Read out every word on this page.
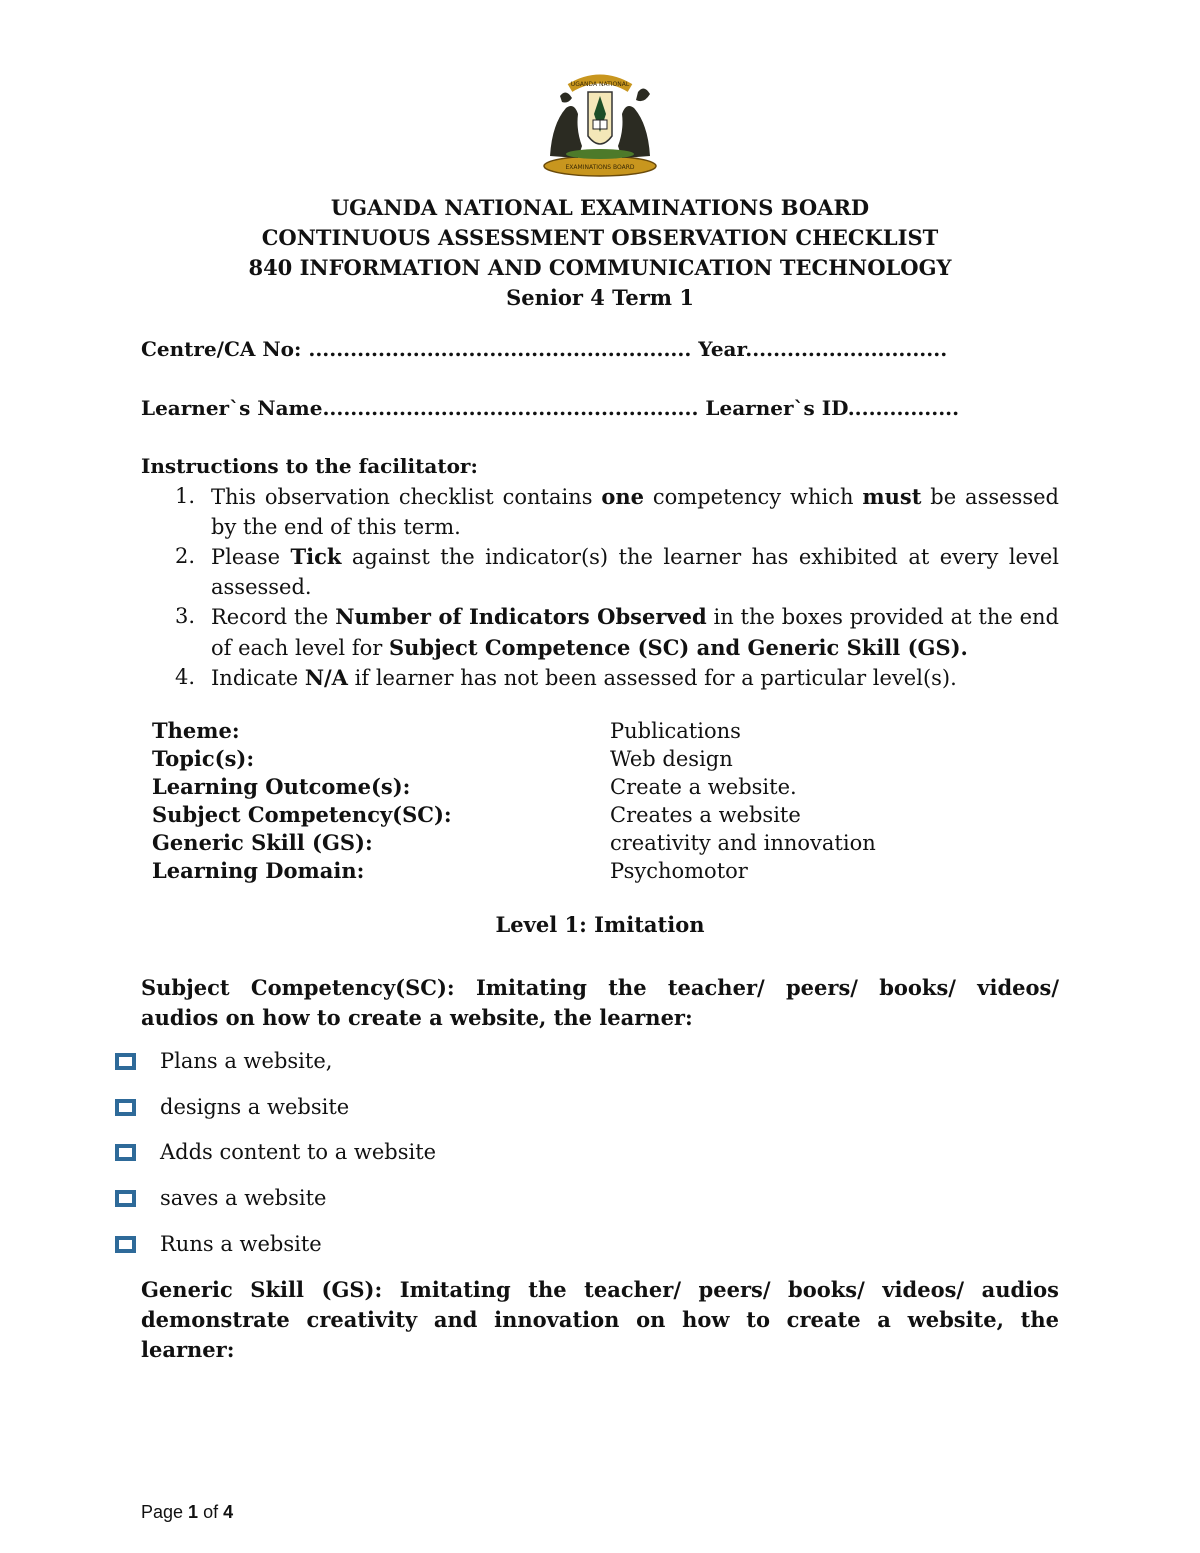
EXAMINATIONS BOARD
UGANDA NATIONAL
UGANDA NATIONAL EXAMINATIONS BOARD
CONTINUOUS ASSESSMENT OBSERVATION CHECKLIST
840 INFORMATION AND COMMUNICATION TECHNOLOGY
Senior 4 Term 1
Centre/CA No: ....................................................... Year.............................
Learner`s Name...................................................... Learner`s ID................
Instructions to the facilitator:
1. This observation checklist contains one competency which must be assessed by the end of this term.
2. Please Tick against the indicator(s) the learner has exhibited at every level assessed.
3. Record the Number of Indicators Observed in the boxes provided at the end of each level for Subject Competence (SC) and Generic Skill (GS).
4. Indicate N/A if learner has not been assessed for a particular level(s).
Theme:	Publications
Topic(s):	Web design
Learning Outcome(s):	Create a website.
Subject Competency(SC):	Creates a website
Generic Skill (GS):	creativity and innovation
Learning Domain:	Psychomotor
Level 1: Imitation
Subject Competency(SC): Imitating the teacher/ peers/ books/ videos/
audios on how to create a website, the learner:
Plans a website,
designs a website
Adds content to a website
saves a website
Runs a website
Generic Skill (GS): Imitating the teacher/ peers/ books/ videos/ audios
demonstrate creativity and innovation on how to create a website, the
learner:
Page 1 of 4
